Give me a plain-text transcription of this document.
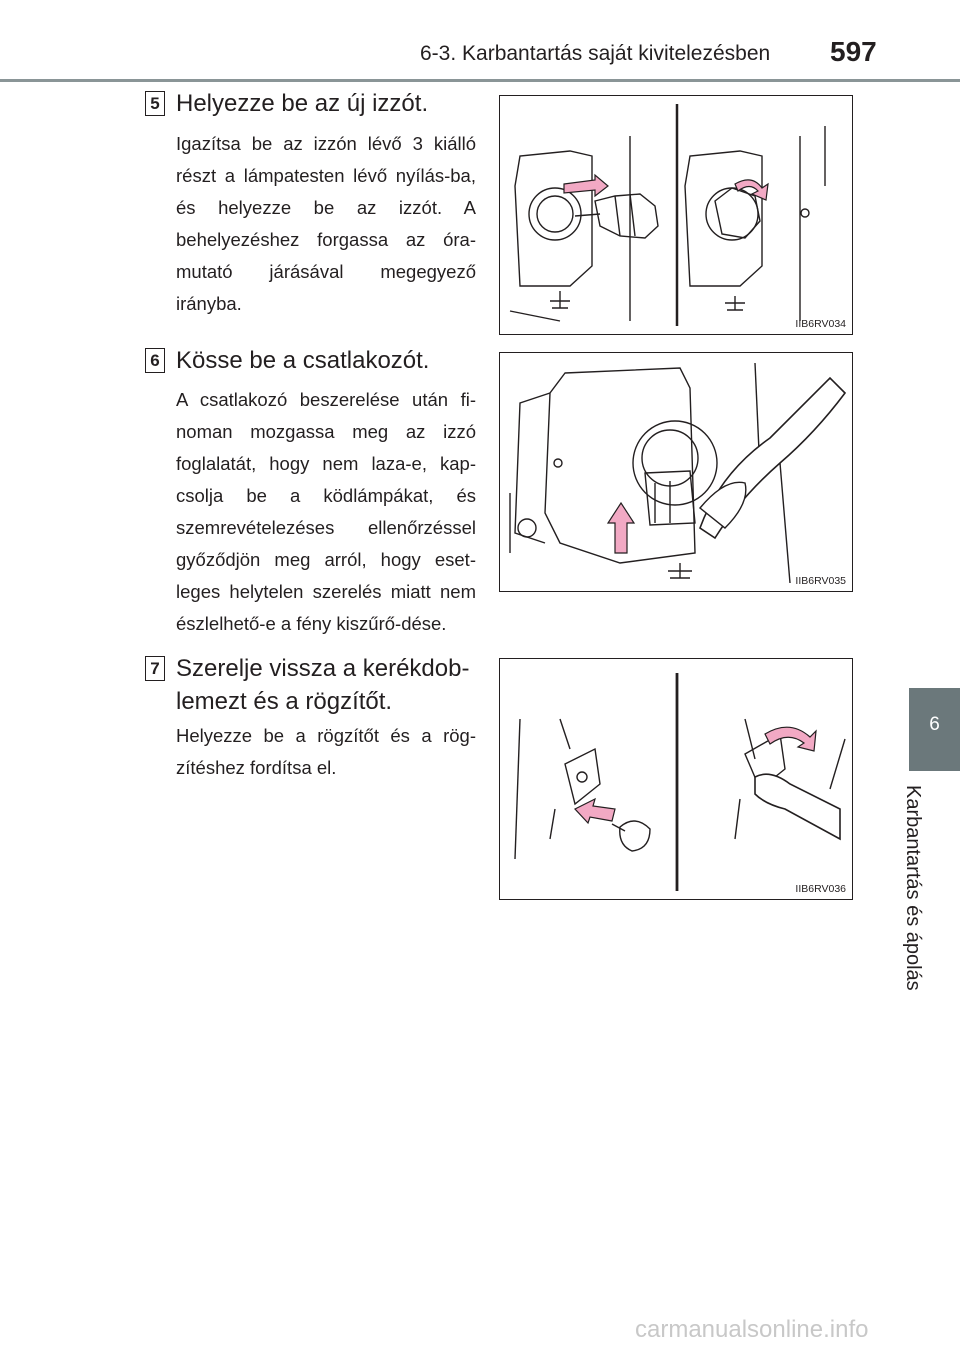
6-3. Karbantartás saját kivitelezésben 597
6
Karbantartás és ápolás
5 Helyezze be az új izzót.
Igazítsa be az izzón lévő 3 kiálló részt a lámpatesten lévő nyílás-ba, és helyezze be az izzót. A behelyezéshez forgassa az óra-mutató járásával megegyező irányba.
IIB6RV034
6 Kösse be a csatlakozót.
A csatlakozó beszerelése után fi-noman mozgassa meg az izzó foglalatát, hogy nem laza-e, kap-csolja be a ködlámpákat, és szemrevételezéses ellenőrzéssel győződjön meg arról, hogy eset-leges helytelen szerelés miatt nem észlelhető-e a fény kiszűrő-dése.
IIB6RV035
7 Szerelje vissza a kerékdob-lemezt és a rögzítőt.
Helyezze be a rögzítőt és a rög-zítéshez fordítsa el.
IIB6RV036
carmanualsonline.info
